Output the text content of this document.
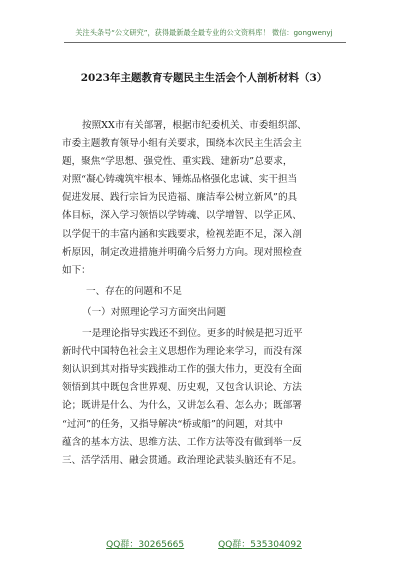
关注头条号“公文研究”，获得最新最全最专业的公文资料库！ 微信：gongwenyj
2023年主题教育专题民主生活会个人剖析材料（3）
按照XX市有关部署，根据市纪委机关、市委组织部、
市委主题教育领导小组有关要求，围绕本次民主生活会主
题，聚焦“学思想、强党性、重实践、建新功”总要求，
对照“凝心铸魂筑牢根本、锤炼品格强化忠诚、实干担当
促进发展、践行宗旨为民造福、廉洁奉公树立新风”的具
体目标，深入学习领悟以学铸魂、以学增智、以学正风、
以学促干的丰富内涵和实践要求，检视差距不足，深入剖
析原因，制定改进措施并明确今后努力方向。现对照检查
如下：
一、存在的问题和不足
（一）对照理论学习方面突出问题
一是理论指导实践还不到位。更多的时候是把习近平
新时代中国特色社会主义思想作为理论来学习，而没有深
刻认识到其对指导实践推动工作的强大伟力，更没有全面
领悟到其中既包含世界观、历史观，又包含认识论、方法
论；既讲是什么、为什么，又讲怎么看、怎么办；既部署
“过河”的任务，又指导解决“桥或船”的问题，对其中
蕴含的基本方法、思维方法、工作方法等没有做到举一反
三、活学活用、融会贯通。政治理论武装头脑还有不足。
QQ群：30265665	QQ群：535304092
